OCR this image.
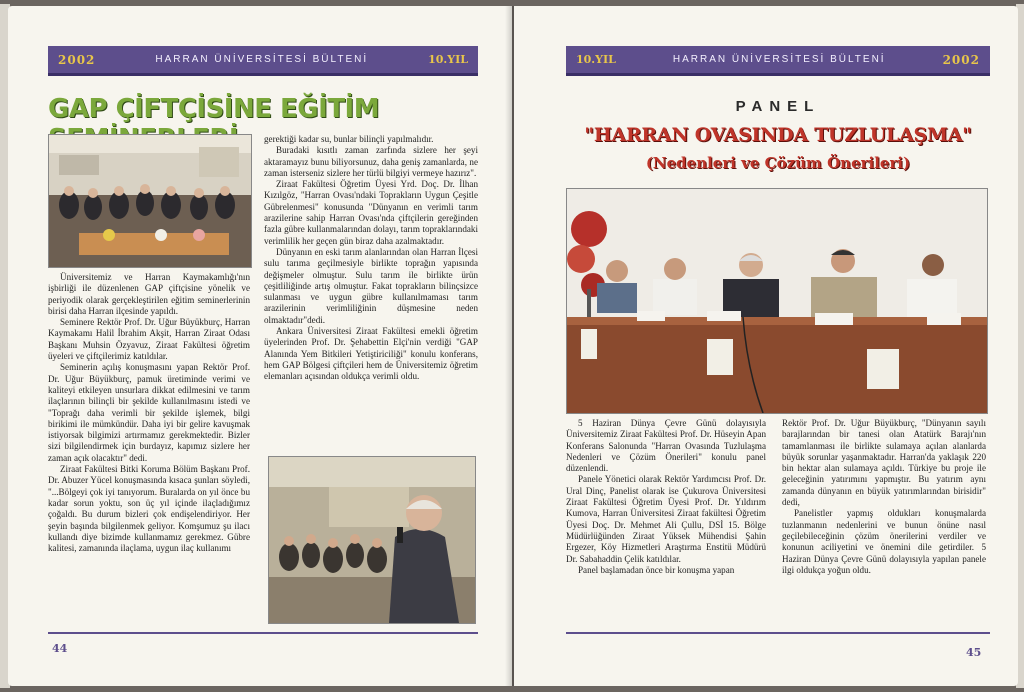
2002	HARRAN ÜNİVERSİTESİ BÜLTENİ	10.YIL
GAP ÇİFTÇİSİNE EĞİTİM

Üniversitemiz ve Harran Kaymakamlığı'nın işbirliği ile düzenlenen GAP çiftçisine yönelik ve periyodik olarak gerçekleştirilen eğitim seminerlerinin birisi daha Harran ilçesinde yapıldı.

Seminere Rektör Prof. Dr. Uğur Büyükburç, Harran Kaymakamı Halil İbrahim Akşit, Harran Ziraat Odası Başkanı Muhsin Özyavuz, Ziraat Fakültesi öğretim üyeleri ve çiftçilerimiz katıldılar.

Seminerin açılış konuşmasını yapan Rektör Prof. Dr. Uğur Büyükburç, pamuk üretiminde verimi ve kaliteyi etkileyen unsurlara dikkat edilmesini ve tarım ilaçlarının bilinçli bir şekilde kullanılmasını istedi ve "Toprağı daha verimli bir şekilde işlemek, bilgi birikimi ile mümkündür. Daha iyi bir gelire kavuşmak istiyorsak bilgimizi artırmamız gerekmektedir. Bizler sizi bilgilendirmek için burdayız, kapımız sizlere her zaman açık olacaktır" dedi.

Ziraat Fakültesi Bitki Koruma Bölüm Başkanı Prof. Dr. Abuzer Yücel konuşmasında kısaca şunları söyledi, "...Bölgeyi çok iyi tanıyorum. Buralarda on yıl önce bu kadar sorun yoktu, son üç yıl içinde ilaçladığımız çoğaldı. Bu durum bizleri çok endişelendiriyor. Her şeyin başında bilgilenmek geliyor. Komşumuz şu ilacı kullandı diye bizimde kullanmamız gerekmez. Gübre kalitesi, zamanında ilaçlama, uygun ilaç kullanımı

gerektiği kadar su, bunlar bilinçli yapılmalıdır.

Buradaki kısıtlı zaman zarfında sizlere her şeyi aktaramayız bunu biliyorsunuz, daha geniş zamanlarda, ne zaman isterseniz sizlere her türlü bilgiyi vermeye hazırız".

Ziraat Fakültesi Öğretim Üyesi Yrd. Doç. Dr. İlhan Kızılgöz, "Harran Ovası'ndaki Toprakların Uygun Çeşitle Gübrelenmesi" konusunda "Dünyanın en verimli tarım arazilerine sahip Harran Ovası'nda çiftçilerin gereğinden fazla gübre kullanmalarından dolayı, tarım topraklarındaki verimlilik her geçen gün biraz daha azalmaktadır.

Dünyanın en eski tarım alanlarından olan Harran İlçesi sulu tarıma geçilmesiyle birlikte toprağın yapısında değişmeler olmuştur. Sulu tarım ile birlikte ürün çeşitliliğinde artış olmuştur. Fakat toprakların bilinçsizce sulanması ve uygun gübre kullanılmaması tarım arazilerinin verimliliğinin düşmesine neden olmaktadır"dedi.

Ankara Üniversitesi Ziraat Fakültesi emekli öğretim üyelerinden Prof. Dr. Şehabettin Elçi'nin verdiği "GAP Alanında Yem Bitkileri Yetiştiriciliği" konulu konferans, hem GAP Bölgesi çiftçileri hem de Üniversitemiz öğretim elemanları açısından oldukça verimli oldu.

44
10.YIL	HARRAN ÜNİVERSİTESİ BÜLTENİ	2002
PANEL
"HARRAN OVASINDA TUZLULAŞMA"
(Nedenleri ve Çözüm Önerileri)

5 Haziran Dünya Çevre Günü dolayısıyla Üniversitemiz Ziraat Fakültesi Prof. Dr. Hüseyin Apan Konferans Salonunda "Harran Ovasında Tuzlulaşma Nedenleri ve Çözüm Önerileri" konulu panel düzenlendi.

Panele Yönetici olarak Rektör Yardımcısı Prof. Dr. Ural Dinç, Panelist olarak ise Çukurova Üniversitesi Ziraat Fakültesi Öğretim Üyesi Prof. Dr. Yıldırım Kumova, Harran Üniversitesi Ziraat fakültesi Öğretim Üyesi Doç. Dr. Mehmet Ali Çullu, DSİ 15. Bölge Müdürlüğünden Ziraat Yüksek Mühendisi Şahin Ergezer, Köy Hizmetleri Araştırma Enstitü Müdürü Dr. Sabahaddin Çelik katıldılar.

Panel başlamadan önce bir konuşma yapan

Rektör Prof. Dr. Uğur Büyükburç, "Dünyanın sayılı barajlarından bir tanesi olan Atatürk Barajı'nın tamamlanması ile birlikte sulamaya açılan alanlarda büyük sorunlar yaşanmaktadır. Harran'da yaklaşık 220 bin hektar alan sulamaya açıldı. Türkiye bu proje ile geleceğinin yatırımını yapmıştır. Bu yatırım aynı zamanda dünyanın en büyük yatırımlarından birisidir" dedi,

Panelistler yapmış oldukları konuşmalarda tuzlanmanın nedenlerini ve bunun önüne nasıl geçilebileceğinin çözüm önerilerini verdiler ve konunun aciliyetini ve önemini dile getirdiler. 5 Haziran Dünya Çevre Günü dolayısıyla yapılan panele ilgi oldukça yoğun oldu.

45
